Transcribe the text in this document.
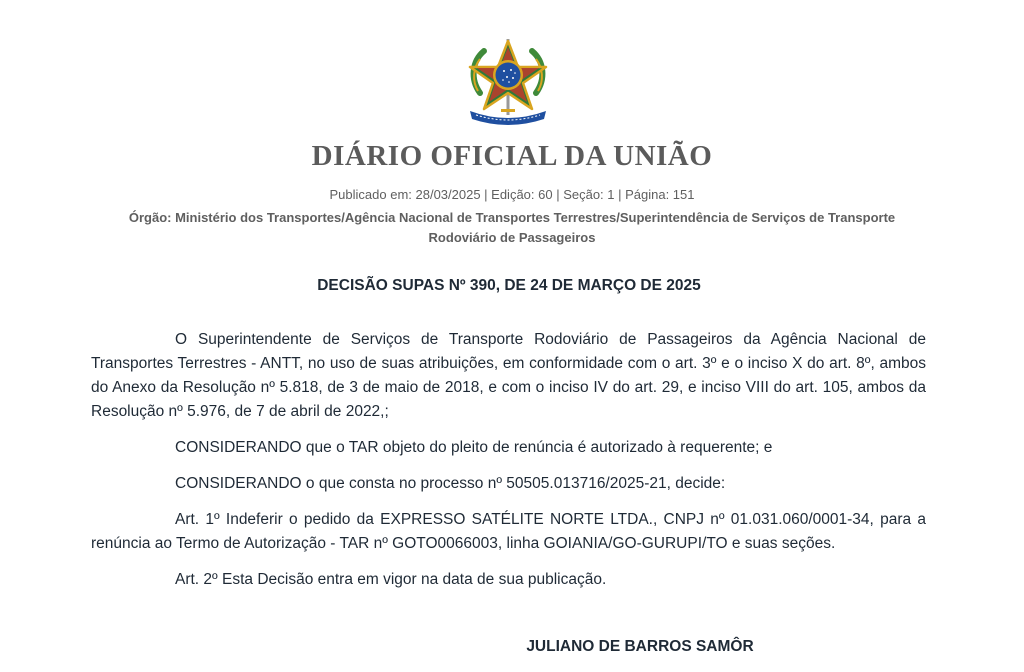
DIÁRIO OFICIAL DA UNIÃO
Publicado em: 28/03/2025 | Edição: 60 | Seção: 1 | Página: 151
Órgão: Ministério dos Transportes/Agência Nacional de Transportes Terrestres/Superintendência de Serviços de Transporte Rodoviário de Passageiros
DECISÃO SUPAS Nº 390, DE 24 DE MARÇO DE 2025

O Superintendente de Serviços de Transporte Rodoviário de Passageiros da Agência Nacional de Transportes Terrestres - ANTT, no uso de suas atribuições, em conformidade com o art. 3º e o inciso X do art. 8º, ambos do Anexo da Resolução nº 5.818, de 3 de maio de 2018, e com o inciso IV do art. 29, e inciso VIII do art. 105, ambos da Resolução nº 5.976, de 7 de abril de 2022,;

CONSIDERANDO que o TAR objeto do pleito de renúncia é autorizado à requerente; e

CONSIDERANDO o que consta no processo nº 50505.013716/2025-21, decide:

Art. 1º Indeferir o pedido da EXPRESSO SATÉLITE NORTE LTDA., CNPJ nº 01.031.060/0001-34, para a renúncia ao Termo de Autorização - TAR nº GOTO0066003, linha GOIANIA/GO-GURUPI/TO e suas seções.

Art. 2º Esta Decisão entra em vigor na data de sua publicação.

JULIANO DE BARROS SAMÔR
